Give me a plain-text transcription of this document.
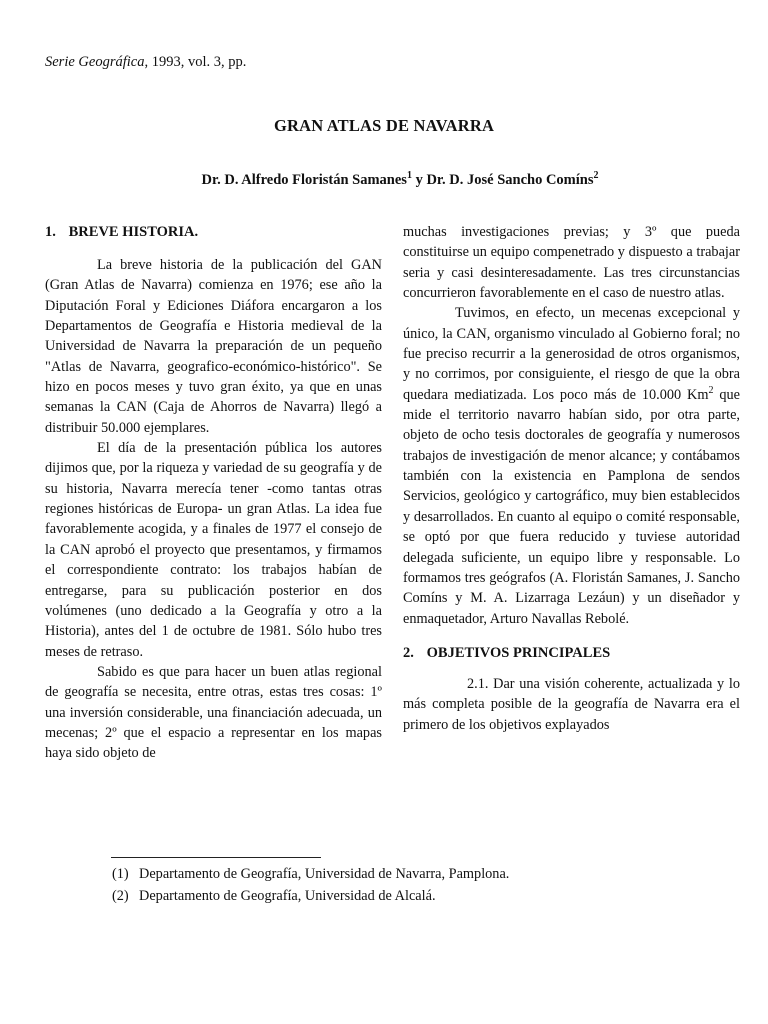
Serie Geográfica, 1993, vol. 3, pp.
GRAN ATLAS DE NAVARRA
Dr. D. Alfredo Floristán Samanes$^1$ y Dr. D. José Sancho Comíns$^2$
1. BREVE HISTORIA.

La breve historia de la publicación del GAN (Gran Atlas de Navarra) comienza en 1976; ese año la Diputación Foral y Ediciones Diáfora encargaron a los Departamentos de Geografía e Historia medieval de la Universidad de Navarra la preparación de un pequeño "Atlas de Navarra, geografico-económico-histórico". Se hizo en pocos meses y tuvo gran éxito, ya que en unas semanas la CAN (Caja de Ahorros de Navarra) llegó a distribuir 50.000 ejemplares.

El día de la presentación pública los autores dijimos que, por la riqueza y variedad de su geografía y de su historia, Navarra merecía tener -como tantas otras regiones históricas de Europa- un gran Atlas. La idea fue favorablemente acogida, y a finales de 1977 el consejo de la CAN aprobó el proyecto que presentamos, y firmamos el correspondiente contrato: los trabajos habían de entregarse, para su publicación posterior en dos volúmenes (uno dedicado a la Geografía y otro a la Historia), antes del 1 de octubre de 1981. Sólo hubo tres meses de retraso.

Sabido es que para hacer un buen atlas regional de geografía se necesita, entre otras, estas tres cosas: 1º una inversión considerable, una financiación adecuada, un mecenas; 2º que el espacio a representar en los mapas haya sido objeto de

muchas investigaciones previas; y 3º que pueda constituirse un equipo compenetrado y dispuesto a trabajar seria y casi desinteresadamente. Las tres circunstancias concurrieron favorablemente en el caso de nuestro atlas.

Tuvimos, en efecto, un mecenas excepcional y único, la CAN, organismo vinculado al Gobierno foral; no fue preciso recurrir a la generosidad de otros organismos, y no corrimos, por consiguiente, el riesgo de que la obra quedara mediatizada. Los poco más de 10.000 Km$^2$ que mide el territorio navarro habían sido, por otra parte, objeto de ocho tesis doctorales de geografía y numerosos trabajos de investigación de menor alcance; y contábamos también con la existencia en Pamplona de sendos Servicios, geológico y cartográfico, muy bien establecidos y desarrollados. En cuanto al equipo o comité responsable, se optó por que fuera reducido y tuviese autoridad delegada suficiente, un equipo libre y responsable. Lo formamos tres geógrafos (A. Floristán Samanes, J. Sancho Comíns y M. A. Lizarraga Lezáun) y un diseñador y enmaquetador, Arturo Navallas Rebolé.

2. OBJETIVOS PRINCIPALES

2.1. Dar una visión coherente, actualizada y lo más completa posible de la geografía de Navarra era el primero de los objetivos explayados

(1) Departamento de Geografía, Universidad de Navarra, Pamplona.
(2) Departamento de Geografía, Universidad de Alcalá.
